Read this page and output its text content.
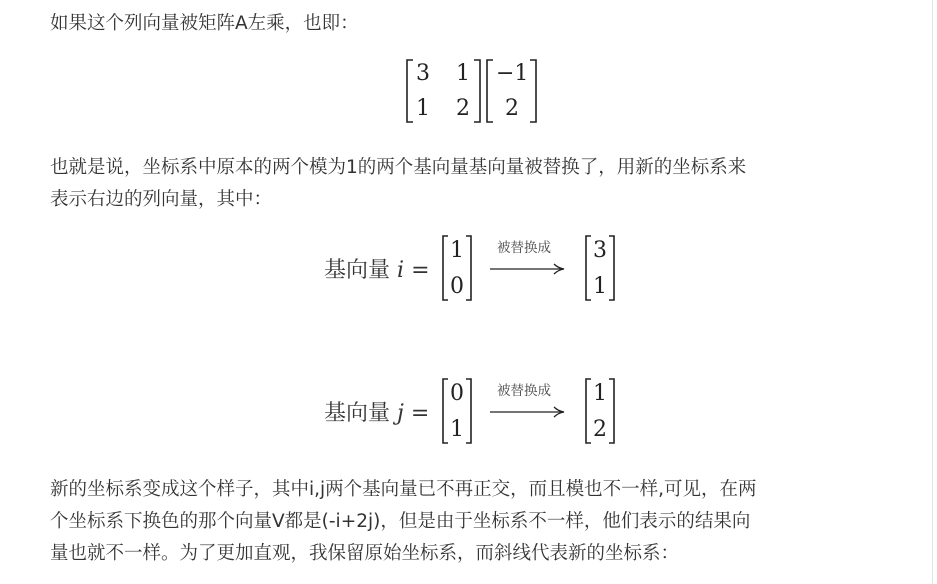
如果这个列向量被矩阵A左乘，也即：

3 1
1 2
−1
2

也就是说，坐标系中原本的两个模为1的两个基向量基向量被替换了，用新的坐标系来
表示右边的列向量，其中：

基向量 i =
1
0
被替换成 3
1
基向量 j =
0
1
被替换成 1
2

新的坐标系变成这个样子，其中i,j两个基向量已不再正交，而且模也不一样,可见，在两
个坐标系下换色的那个向量V都是(-i+2j)，但是由于坐标系不一样，他们表示的结果向
量也就不一样。为了更加直观，我保留原始坐标系，而斜线代表新的坐标系：
